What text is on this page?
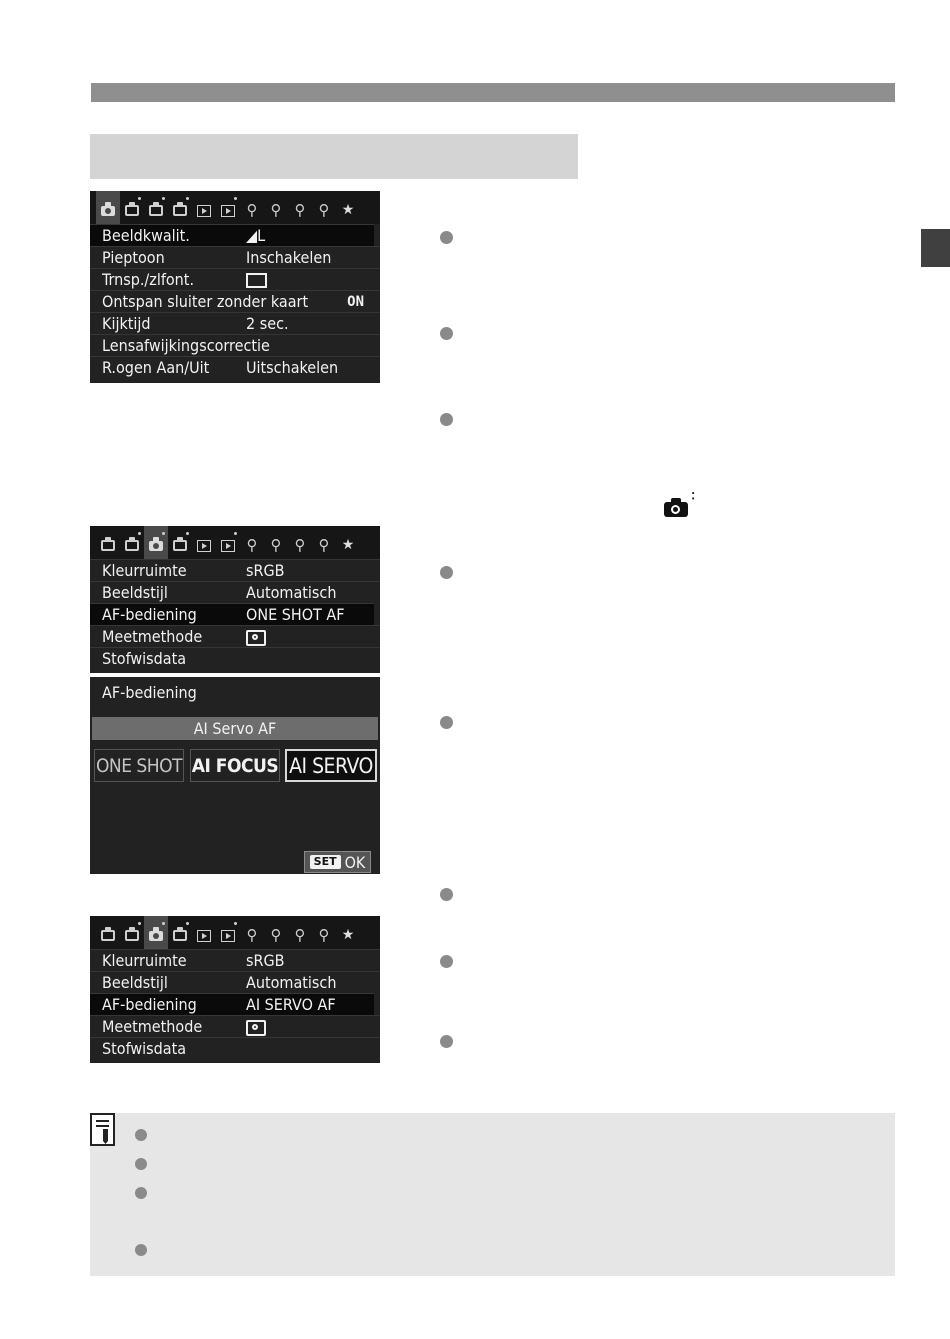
⚲ ⚲ ⚲ ⚲ ★
Beeldkwalit.	◢L
Pieptoon	Inschakelen
Trnsp./zlfont.
Ontspan sluiter zonder kaart	ON
Kijktijd	2 sec.
Lensafwijkingscorrectie
R.ogen Aan/Uit	Uitschakelen
⚲ ⚲ ⚲ ⚲ ★
Kleurruimte	sRGB
Beeldstijl	Automatisch
AF-bediening	ONE SHOT AF
Meetmethode
Stofwisdata
AF-bediening
AI Servo AF
ONE SHOT AI FOCUS AI SERVO
SET OK
⚲ ⚲ ⚲ ⚲ ★
Kleurruimte	sRGB
Beeldstijl	Automatisch
AF-bediening	AI SERVO AF
Meetmethode
Stofwisdata
⠅
